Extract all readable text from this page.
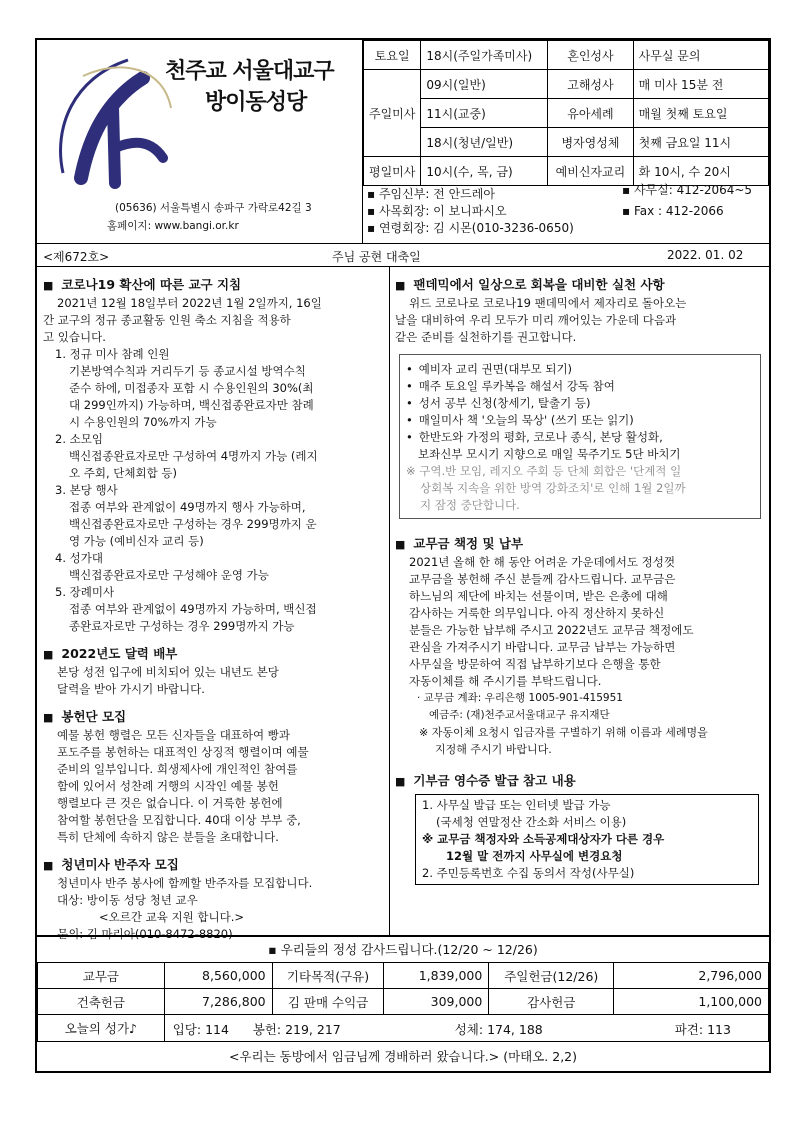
천주교 서울대교구
방이동성당
(05636) 서울특별시 송파구 가락로42길 3
홈페이지: www.bangi.or.kr
토요일	18시(주일가족미사)	혼인성사	사무실 문의
주일미사	09시(일반)	고해성사	매 미사 15분 전
	11시(교중)	유아세례	매월 첫째 토요일
	18시(청년/일반)	병자영성체	첫째 금요일 11시
평일미사	10시(수, 목, 금)	예비신자교리	화 10시, 수 20시
▪ 주임신부: 전 안드레아
▪ 사목회장: 이 보니파시오
▪ 연령회장: 김 시몬(010-3236-0650)
▪ 사무실: 412-2064~5
▪ Fax : 412-2066
<제672호>	주님 공현 대축일	2022. 01. 02
■ 코로나19 확산에 따른 교구 지침
2021년 12월 18일부터 2022년 1월 2일까지, 16일
간 교구의 정규 종교활동 인원 축소 지침을 적용하
고 있습니다.
1. 정규 미사 참례 인원
기본방역수칙과 거리두기 등 종교시설 방역수칙
준수 하에, 미접종자 포함 시 수용인원의 30%(최
대 299인까지) 가능하며, 백신접종완료자만 참례
시 수용인원의 70%까지 가능
2. 소모임
백신접종완료자로만 구성하여 4명까지 가능 (레지
오 주회, 단체회합 등)
3. 본당 행사
접종 여부와 관계없이 49명까지 행사 가능하며,
백신접종완료자로만 구성하는 경우 299명까지 운
영 가능 (예비신자 교리 등)
4. 성가대
백신접종완료자로만 구성해야 운영 가능
5. 장례미사
접종 여부와 관계없이 49명까지 가능하며, 백신접
종완료자로만 구성하는 경우 299명까지 가능
■ 2022년도 달력 배부
본당 성전 입구에 비치되어 있는 내년도 본당
달력을 받아 가시기 바랍니다.
■ 봉헌단 모집
예물 봉헌 행렬은 모든 신자들을 대표하여 빵과
포도주를 봉헌하는 대표적인 상징적 행렬이며 예물
준비의 일부입니다. 희생제사에 개인적인 참여를
함에 있어서 성찬례 거행의 시작인 예물 봉헌
행렬보다 큰 것은 없습니다. 이 거룩한 봉헌에
참여할 봉헌단을 모집합니다. 40대 이상 부부 중,
특히 단체에 속하지 않은 분들을 초대합니다.
■ 청년미사 반주자 모집
청년미사 반주 봉사에 함께할 반주자를 모집합니다.
대상: 방이동 성당 청년 교우
<오르간 교육 지원 합니다.>
문의: 김 마리아(010-8472-8820)
■ 팬데믹에서 일상으로 회복을 대비한 실천 사항
위드 코로나로 코로나19 팬데믹에서 제자리로 돌아오는
날을 대비하여 우리 모두가 미리 깨어있는 가운데 다음과
같은 준비를 실천하기를 권고합니다.
• 예비자 교리 권면(대부모 되기)
• 매주 토요일 루카복음 해설서 강독 참여
• 성서 공부 신청(창세기, 탈출기 등)
• 매일미사 책 '오늘의 묵상' (쓰기 또는 읽기)
• 한반도와 가정의 평화, 코로나 종식, 본당 활성화,
보좌신부 모시기 지향으로 매일 묵주기도 5단 바치기
※ 구역.반 모임, 레지오 주회 등 단체 회합은 '단계적 일
상회복 지속을 위한 방역 강화조치'로 인해 1월 2일까
지 잠정 중단합니다.
■ 교무금 책정 및 납부
2021년 올해 한 해 동안 어려운 가운데에서도 정성껏
교무금을 봉헌해 주신 분들께 감사드립니다. 교무금은
하느님의 제단에 바치는 선물이며, 받은 은총에 대해
감사하는 거룩한 의무입니다. 아직 정산하지 못하신
분들은 가능한 납부해 주시고 2022년도 교무금 책정에도
관심을 가져주시기 바랍니다. 교무금 납부는 가능하면
사무실을 방문하여 직접 납부하기보다 은행을 통한
자동이체를 해 주시기를 부탁드립니다.
· 교무금 계좌: 우리은행 1005-901-415951
예금주: (재)천주교서울대교구 유지재단
※ 자동이체 요청시 입금자를 구별하기 위해 이름과 세례명을
지정해 주시기 바랍니다.
■ 기부금 영수증 발급 참고 내용
1. 사무실 발급 또는 인터넷 발급 가능
(국세청 연말정산 간소화 서비스 이용)
※ 교무금 책정자와 소득공제대상자가 다른 경우
12월 말 전까지 사무실에 변경요청
2. 주민등록번호 수집 동의서 작성(사무실)
▪ 우리들의 정성 감사드립니다.(12/20 ~ 12/26)
교무금	8,560,000	기타목적(구유)	1,839,000	주일헌금(12/26)	2,796,000
건축헌금	7,286,800	김 판매 수익금	309,000	감사헌금	1,100,000
오늘의 성가♪	입당: 114 봉헌: 219, 217 성체: 174, 188 파견: 113				
<우리는 동방에서 임금님께 경배하러 왔습니다.> (마태오. 2,2)
